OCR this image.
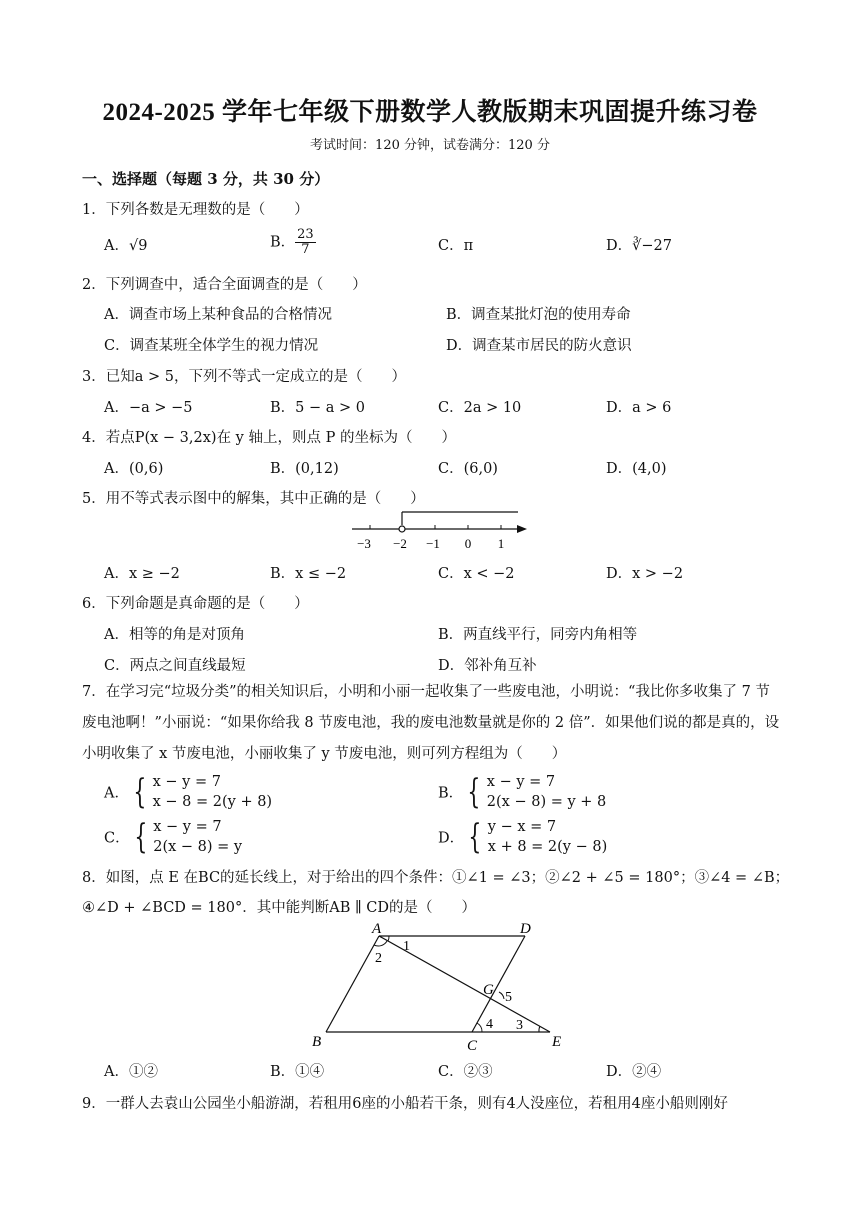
2024-2025 学年七年级下册数学人教版期末巩固提升练习卷
考试时间：120 分钟，试卷满分：120 分
一、选择题（每题 3 分，共 30 分）
1．下列各数是无理数的是（　　）
A．√9	B． $\frac{23}{7}$	C．π	D．∛−27
2．下列调查中，适合全面调查的是（　　）
A．调查市场上某种食品的合格情况	B．调查某批灯泡的使用寿命
C．调查某班全体学生的视力情况	D．调查某市居民的防火意识
3．已知a > 5，下列不等式一定成立的是（　　）
A．−a > −5	B．5 − a > 0	C．2a > 10	D．a > 6
4．若点P(x − 3,2x)在 y 轴上，则点 P 的坐标为（　　）
A．(0,6)	B．(0,12)	C．(6,0)	D．(4,0)
5．用不等式表示图中的解集，其中正确的是（　　）
−3 −2 −1 0 1
A．x ≥ −2	B．x ≤ −2	C．x < −2	D．x > −2
6．下列命题是真命题的是（　　）
A．相等的角是对顶角	B．两直线平行，同旁内角相等
C．两点之间直线最短	D．邻补角互补
7．在学习完“垃圾分类”的相关知识后，小明和小丽一起收集了一些废电池，小明说：“我比你多收集了 7 节废电池啊！”小丽说：“如果你给我 8 节废电池，我的废电池数量就是你的 2 倍”．如果他们说的都是真的，设小明收集了 x 节废电池，小丽收集了 y 节废电池，则可列方程组为（　　）
A． { x − y = 7
x − 8 = 2(y + 8)
B． { x − y = 7
2(x − 8) = y + 8
C． { x − y = 7
2(x − 8) = y
D． { y − x = 7
x + 8 = 2(y − 8)
8．如图，点 E 在BC的延长线上，对于给出的四个条件：①∠1 = ∠3；②∠2 + ∠5 = 180°；③∠4 = ∠B；
④∠D + ∠BCD = 180°．其中能判断AB ∥ CD的是（　　）
A	D
B	C	E
G
1
2
3
4
5
A．①②	B．①④	C．②③	D．②④
9．一群人去袁山公园坐小船游湖，若租用6座的小船若干条，则有4人没座位，若租用4座小船则刚好
